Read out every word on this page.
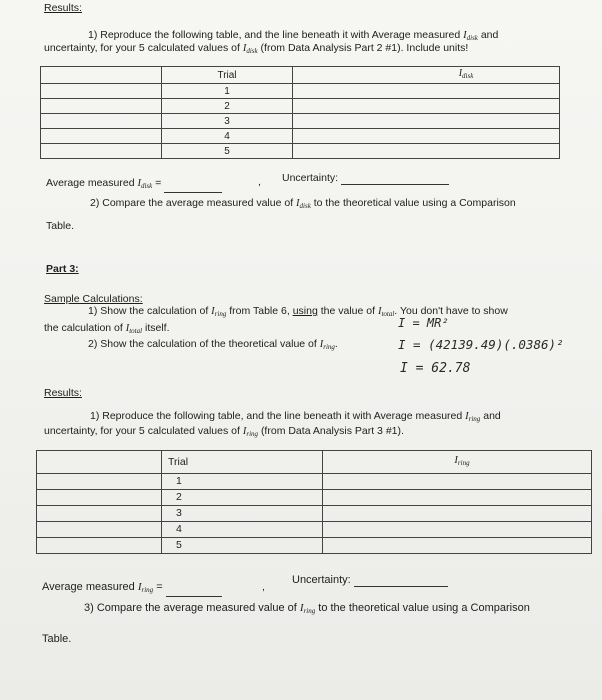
Results:
1) Reproduce the following table, and the line beneath it with Average measured $I_{disk}$ and
uncertainty, for your 5 calculated values of $I_{disk}$ (from Data Analysis Part 2 #1). Include units!
	Trial	$I_{disk}$
	1	
	2	
	3	
	4	
	5	
Average measured $I_{disk}$ =	, Uncertainty:
2) Compare the average measured value of $I_{disk}$ to the theoretical value using a Comparison
Table.
Part 3:
Sample Calculations:
1) Show the calculation of $I_{ring}$ from Table 6, using the value of $I_{total}$. You don't have to show
the calculation of $I_{total}$ itself.
2) Show the calculation of the theoretical value of $I_{ring}$.
I = MR²
I = (42139.49)(.0386)²
I = 62.78
Results:
1) Reproduce the following table, and the line beneath it with Average measured $I_{ring}$ and
uncertainty, for your 5 calculated values of $I_{ring}$ (from Data Analysis Part 3 #1).
	Trial	$I_{ring}$
	1	
	2	
	3	
	4	
	5	
Average measured $I_{ring}$ =	,
Uncertainty:
3) Compare the average measured value of $I_{ring}$ to the theoretical value using a Comparison
Table.
